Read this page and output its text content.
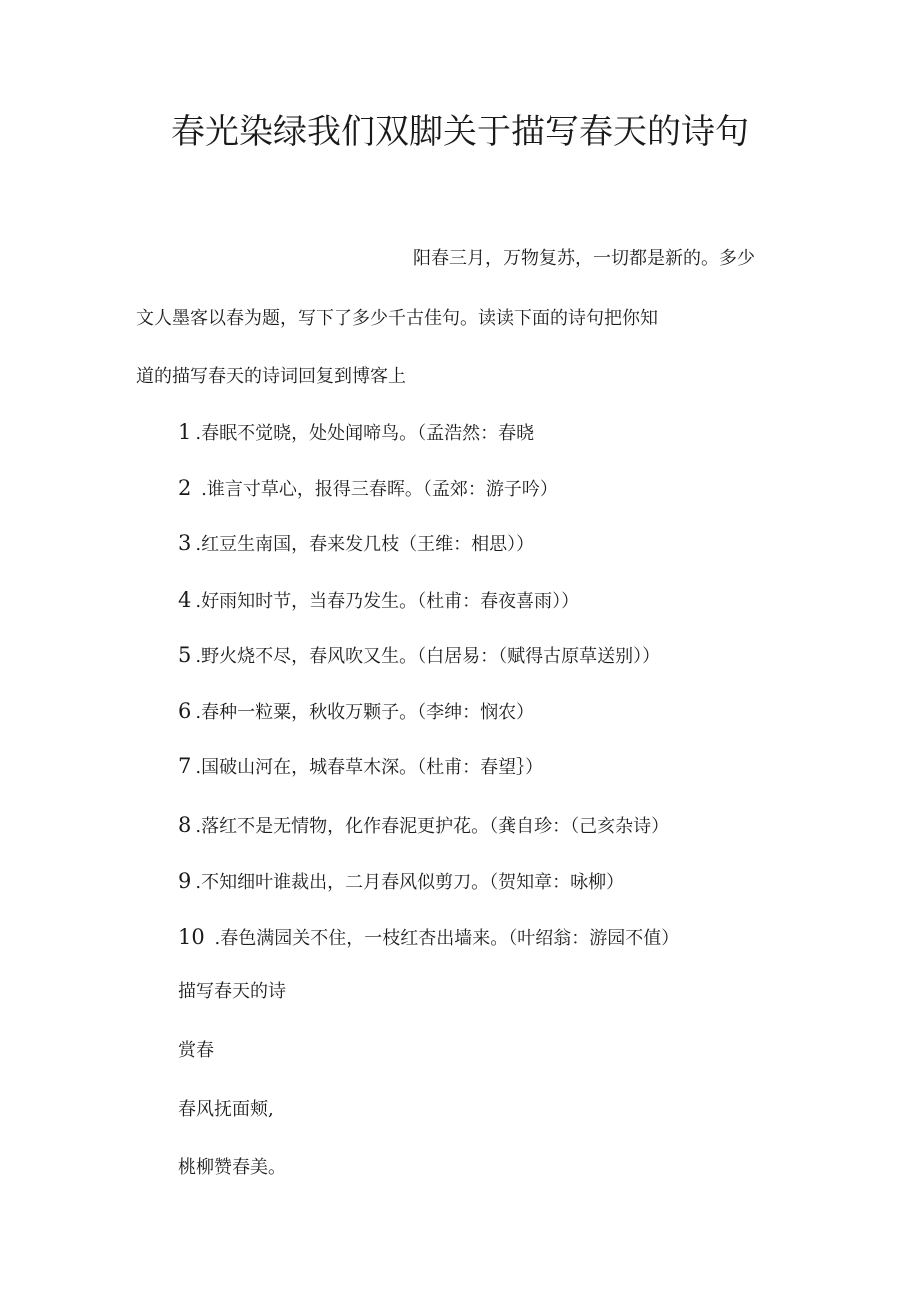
春光染绿我们双脚关于描写春天的诗句
阳春三月，万物复苏，一切都是新的。多少
文人墨客以春为题，写下了多少千古佳句。读读下面的诗句把你知
道的描写春天的诗词回复到博客上
1 .春眠不觉晓，处处闻啼鸟。（孟浩然：春晓
2 .谁言寸草心，报得三春晖。（孟郊：游子吟）
3 .红豆生南国，春来发几枝（王维：相思））
4 .好雨知时节，当春乃发生。（杜甫：春夜喜雨））
5 .野火烧不尽，春风吹又生。（白居易：（赋得古原草送别））
6 .春种一粒粟，秋收万颗子。（李绅：悯农）
7 .国破山河在，城春草木深。（杜甫：春望｝）
8 .落红不是无情物，化作春泥更护花。（龚自珍：（己亥杂诗）
9 .不知细叶谁裁出，二月春风似剪刀。（贺知章：咏柳）
10 .春色满园关不住，一枝红杏出墙来。（叶绍翁：游园不值）
描写春天的诗
赏春
春风抚面颊,
桃柳赞春美。
